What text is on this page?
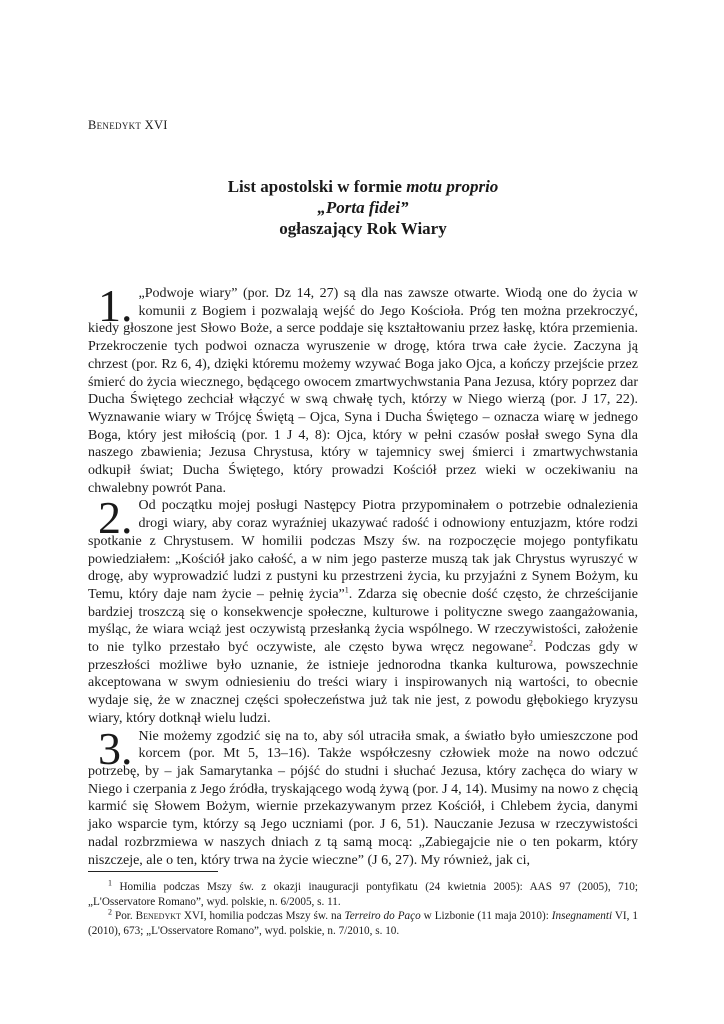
Benedykt XVI
List apostolski w formie motu proprio
„Porta fidei”
ogłaszający Rok Wiary
1. „Podwoje wiary” (por. Dz 14, 27) są dla nas zawsze otwarte. Wiodą one do życia w komunii z Bogiem i pozwalają wejść do Jego Kościoła. Próg ten można przekroczyć, kiedy głoszone jest Słowo Boże, a serce poddaje się kształtowaniu przez łaskę, która przemienia. Przekroczenie tych podwoi oznacza wyruszenie w drogę, która trwa całe życie. Zaczyna ją chrzest (por. Rz 6, 4), dzięki któremu możemy wzywać Boga jako Ojca, a kończy przejście przez śmierć do życia wiecznego, będącego owocem zmartwychwstania Pana Jezusa, który poprzez dar Ducha Świętego zechciał włączyć w swą chwałę tych, którzy w Niego wierzą (por. J 17, 22). Wyznawanie wiary w Trójcę Świętą – Ojca, Syna i Ducha Świętego – oznacza wiarę w jednego Boga, który jest miłością (por. 1 J 4, 8): Ojca, który w pełni czasów posłał swego Syna dla naszego zbawienia; Jezusa Chrystusa, który w tajemnicy swej śmierci i zmartwychwstania odkupił świat; Ducha Świętego, który prowadzi Kościół przez wieki w oczekiwaniu na chwalebny powrót Pana.
2. Od początku mojej posługi Następcy Piotra przypominałem o potrzebie odnalezienia drogi wiary, aby coraz wyraźniej ukazywać radość i odnowiony entuzjazm, które rodzi spotkanie z Chrystusem. W homilii podczas Mszy św. na rozpoczęcie mojego pontyfikatu powiedziałem: „Kościół jako całość, a w nim jego pasterze muszą tak jak Chrystus wyruszyć w drogę, aby wyprowadzić ludzi z pustyni ku przestrzeni życia, ku przyjaźni z Synem Bożym, ku Temu, który daje nam życie – pełnię życia”$^1$. Zdarza się obecnie dość często, że chrześcijanie bardziej troszczą się o konsekwencje społeczne, kulturowe i polityczne swego zaangażowania, myśląc, że wiara wciąż jest oczywistą przesłanką życia wspólnego. W rzeczywistości, założenie to nie tylko przestało być oczywiste, ale często bywa wręcz negowane$^2$. Podczas gdy w przeszłości możliwe było uznanie, że istnieje jednorodna tkanka kulturowa, powszechnie akceptowana w swym odniesieniu do treści wiary i inspirowanych nią wartości, to obecnie wydaje się, że w znacznej części społeczeństwa już tak nie jest, z powodu głębokiego kryzysu wiary, który dotknął wielu ludzi.
3. Nie możemy zgodzić się na to, aby sól utraciła smak, a światło było umieszczone pod korcem (por. Mt 5, 13–16). Także współczesny człowiek może na nowo odczuć potrzebę, by – jak Samarytanka – pójść do studni i słuchać Jezusa, który zachęca do wiary w Niego i czerpania z Jego źródła, tryskającego wodą żywą (por. J 4, 14). Musimy na nowo z chęcią karmić się Słowem Bożym, wiernie przekazywanym przez Kościół, i Chlebem życia, danymi jako wsparcie tym, którzy są Jego uczniami (por. J 6, 51). Nauczanie Jezusa w rzeczywistości nadal rozbrzmiewa w naszych dniach z tą samą mocą: „Zabiegajcie nie o ten pokarm, który niszczeje, ale o ten, który trwa na życie wieczne” (J 6, 27). My również, jak ci,

$^1$ Homilia podczas Mszy św. z okazji inauguracji pontyfikatu (24 kwietnia 2005): AAS 97 (2005), 710; „L'Osservatore Romano”, wyd. polskie, n. 6/2005, s. 11.

$^2$ Por. Benedykt XVI, homilia podczas Mszy św. na Terreiro do Paço w Lizbonie (11 maja 2010): Insegnamenti VI, 1 (2010), 673; „L'Osservatore Romano”, wyd. polskie, n. 7/2010, s. 10.
